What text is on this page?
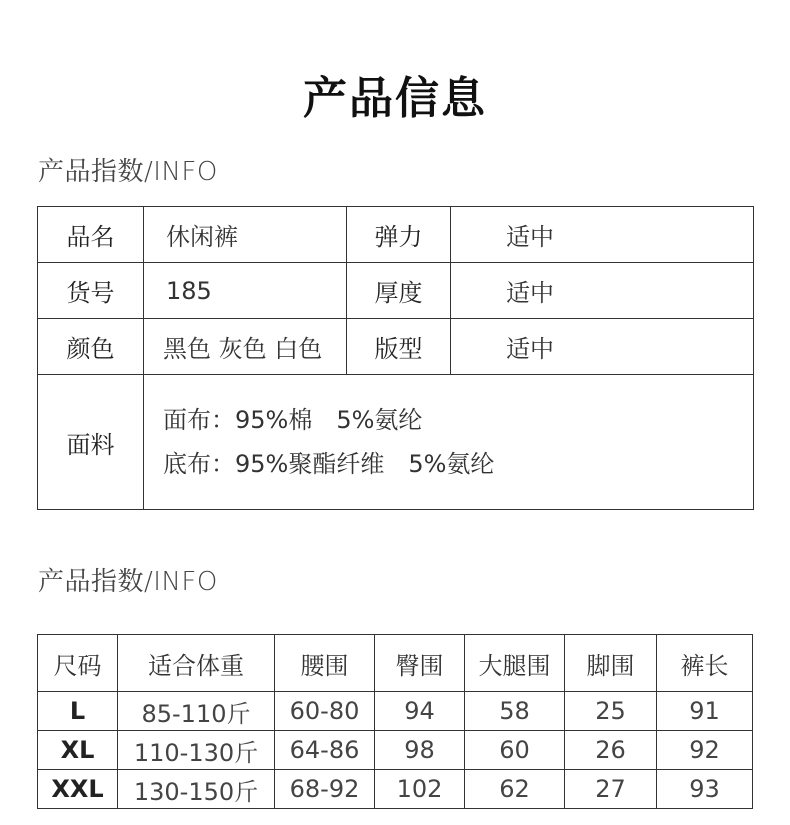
产品信息
产品指数/INFO
品名	休闲裤	弹力	适中
货号	185	厚度	适中
颜色	黑色 灰色 白色	版型	适中
面料	面布：95%棉　5%氨纶
底布：95%聚酯纤维　5%氨纶		
产品指数/INFO
尺码	适合体重	腰围	臀围	大腿围	脚围	裤长
L	85-110斤	60-80	94	58	25	91
XL	110-130斤	64-86	98	60	26	92
XXL	130-150斤	68-92	102	62	27	93
